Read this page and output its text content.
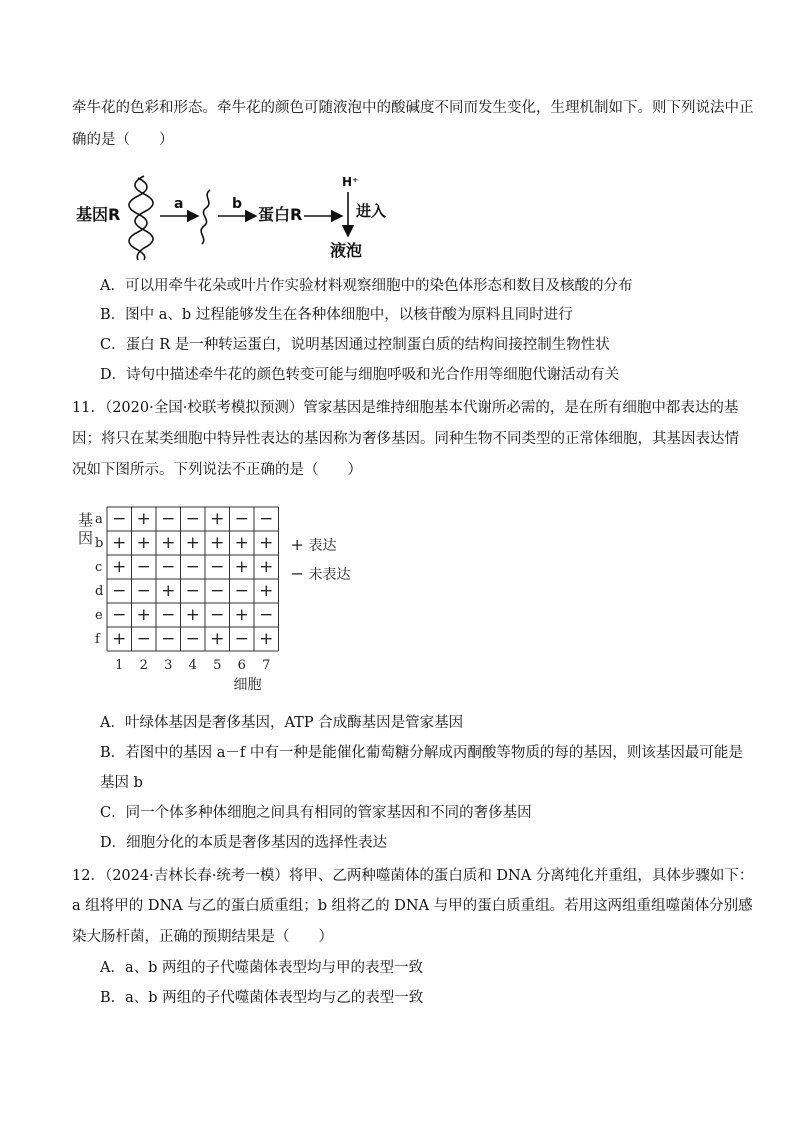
牵牛花的色彩和形态。牵牛花的颜色可随液泡中的酸碱度不同而发生变化，生理机制如下。则下列说法中正
确的是（　　）
基因R
a	b
蛋白R
H⁺
进入
液泡
A．可以用牵牛花朵或叶片作实验材料观察细胞中的染色体形态和数目及核酸的分布
B．图中 a、b 过程能够发生在各种体细胞中，以核苷酸为原料且同时进行
C．蛋白 R 是一种转运蛋白，说明基因通过控制蛋白质的结构间接控制生物性状
D．诗句中描述牵牛花的颜色转变可能与细胞呼吸和光合作用等细胞代谢活动有关
11．（2020·全国·校联考模拟预测）管家基因是维持细胞基本代谢所必需的，是在所有细胞中都表达的基
因；将只在某类细胞中特异性表达的基因称为奢侈基因。同种生物不同类型的正常体细胞，其基因表达情
况如下图所示。下列说法不正确的是（　　）
基
因
a − + − − + − −
b + + + + + + +
c + − − − − + +
d − − + − − − +
e − + − + − + −
f + − − − + − +
1 2 3 4 5 6 7
细胞
+ 表达
− 未表达
A．叶绿体基因是奢侈基因，ATP 合成酶基因是管家基因
B．若图中的基因 a－f 中有一种是能催化葡萄糖分解成丙酮酸等物质的每的基因，则该基因最可能是
基因 b
C．同一个体多种体细胞之间具有相同的管家基因和不同的奢侈基因
D．细胞分化的本质是奢侈基因的选择性表达
12．（2024·吉林长春·统考一模）将甲、乙两种噬菌体的蛋白质和 DNA 分离纯化并重组，具体步骤如下：
a 组将甲的 DNA 与乙的蛋白质重组；b 组将乙的 DNA 与甲的蛋白质重组。若用这两组重组噬菌体分别感
染大肠杆菌，正确的预期结果是（　　）
A．a、b 两组的子代噬菌体表型均与甲的表型一致
B．a、b 两组的子代噬菌体表型均与乙的表型一致
